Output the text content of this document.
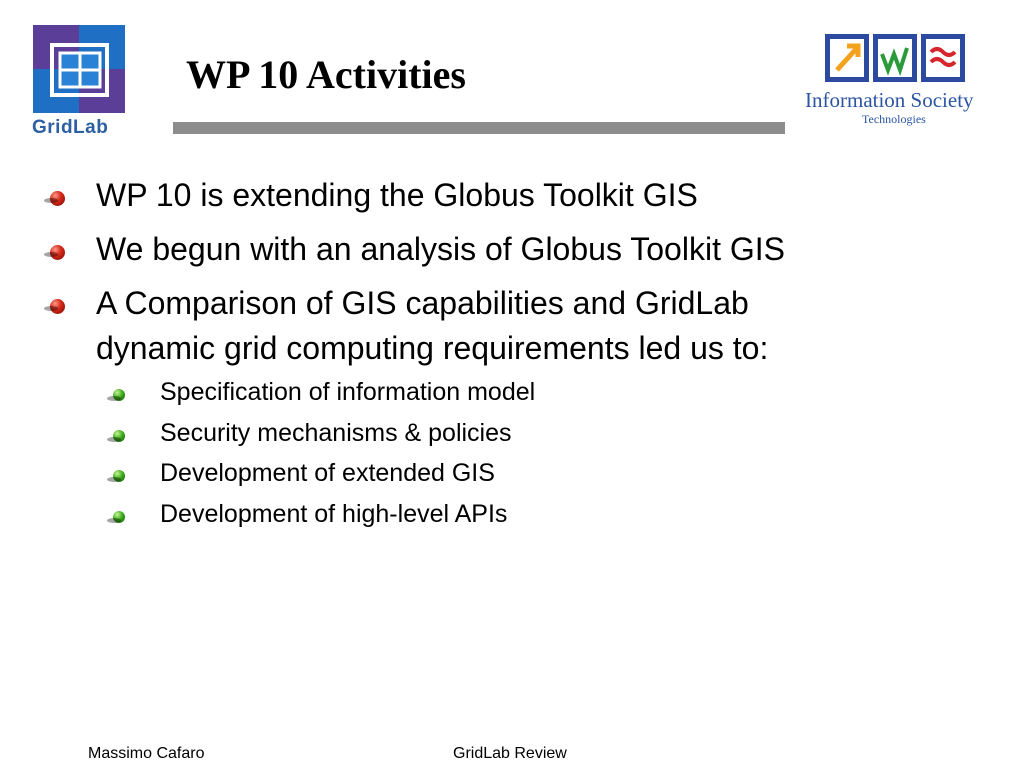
GridLab
WP 10 Activities
Information Society
Technologies
WP 10 is extending the Globus Toolkit GIS
We begun with an analysis of Globus Toolkit GIS
A Comparison of GIS capabilities and GridLab
dynamic grid computing requirements led us to:
Specification of information model
Security mechanisms & policies
Development of extended GIS
Development of high-level APIs
Massimo Cafaro	GridLab Review
